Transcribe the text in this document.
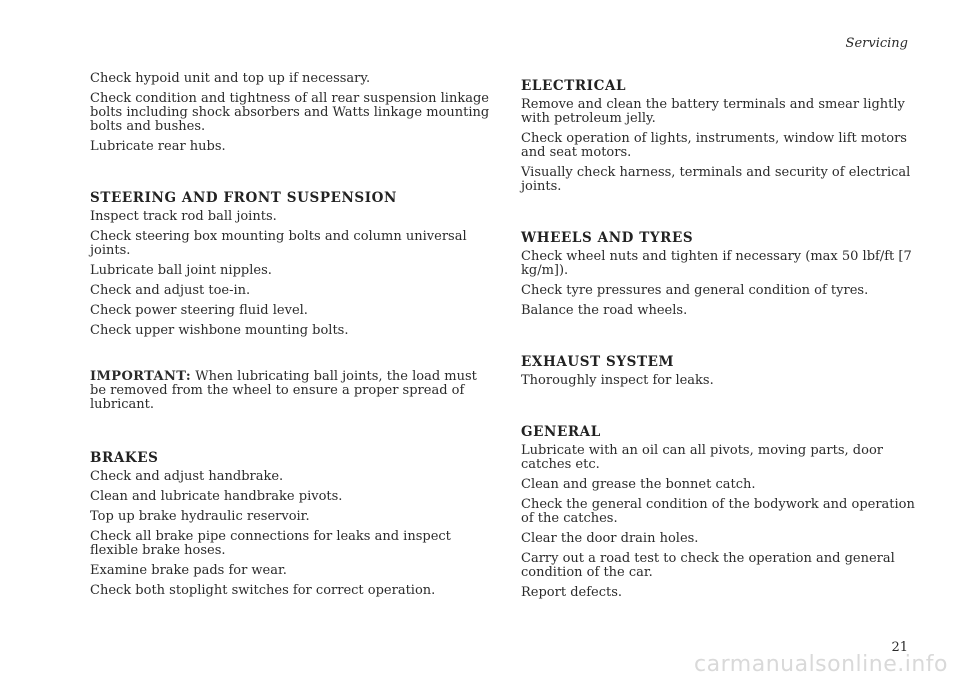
Servicing

Check hypoid unit and top up if necessary.

Check condition and tightness of all rear suspension linkage bolts including shock absorbers and Watts linkage mounting bolts and bushes.

Lubricate rear hubs.

STEERING AND FRONT SUSPENSION

Inspect track rod ball joints.

Check steering box mounting bolts and column universal joints.

Lubricate ball joint nipples.

Check and adjust toe-in.

Check power steering fluid level.

Check upper wishbone mounting bolts.

IMPORTANT: When lubricating ball joints, the load must be removed from the wheel to ensure a proper spread of lubricant.

BRAKES

Check and adjust handbrake.

Clean and lubricate handbrake pivots.

Top up brake hydraulic reservoir.

Check all brake pipe connections for leaks and inspect flexible brake hoses.

Examine brake pads for wear.

Check both stoplight switches for correct operation.

ELECTRICAL

Remove and clean the battery terminals and smear lightly with petroleum jelly.

Check operation of lights, instruments, window lift motors and seat motors.

Visually check harness, terminals and security of electrical joints.

WHEELS AND TYRES

Check wheel nuts and tighten if necessary (max 50 lbf/ft [7 kg/m]).

Check tyre pressures and general condition of tyres.

Balance the road wheels.

EXHAUST SYSTEM

Thoroughly inspect for leaks.

GENERAL

Lubricate with an oil can all pivots, moving parts, door catches etc.

Clean and grease the bonnet catch.

Check the general condition of the bodywork and operation of the catches.

Clear the door drain holes.

Carry out a road test to check the operation and general condition of the car.

Report defects.

21
carmanualsonline.info
